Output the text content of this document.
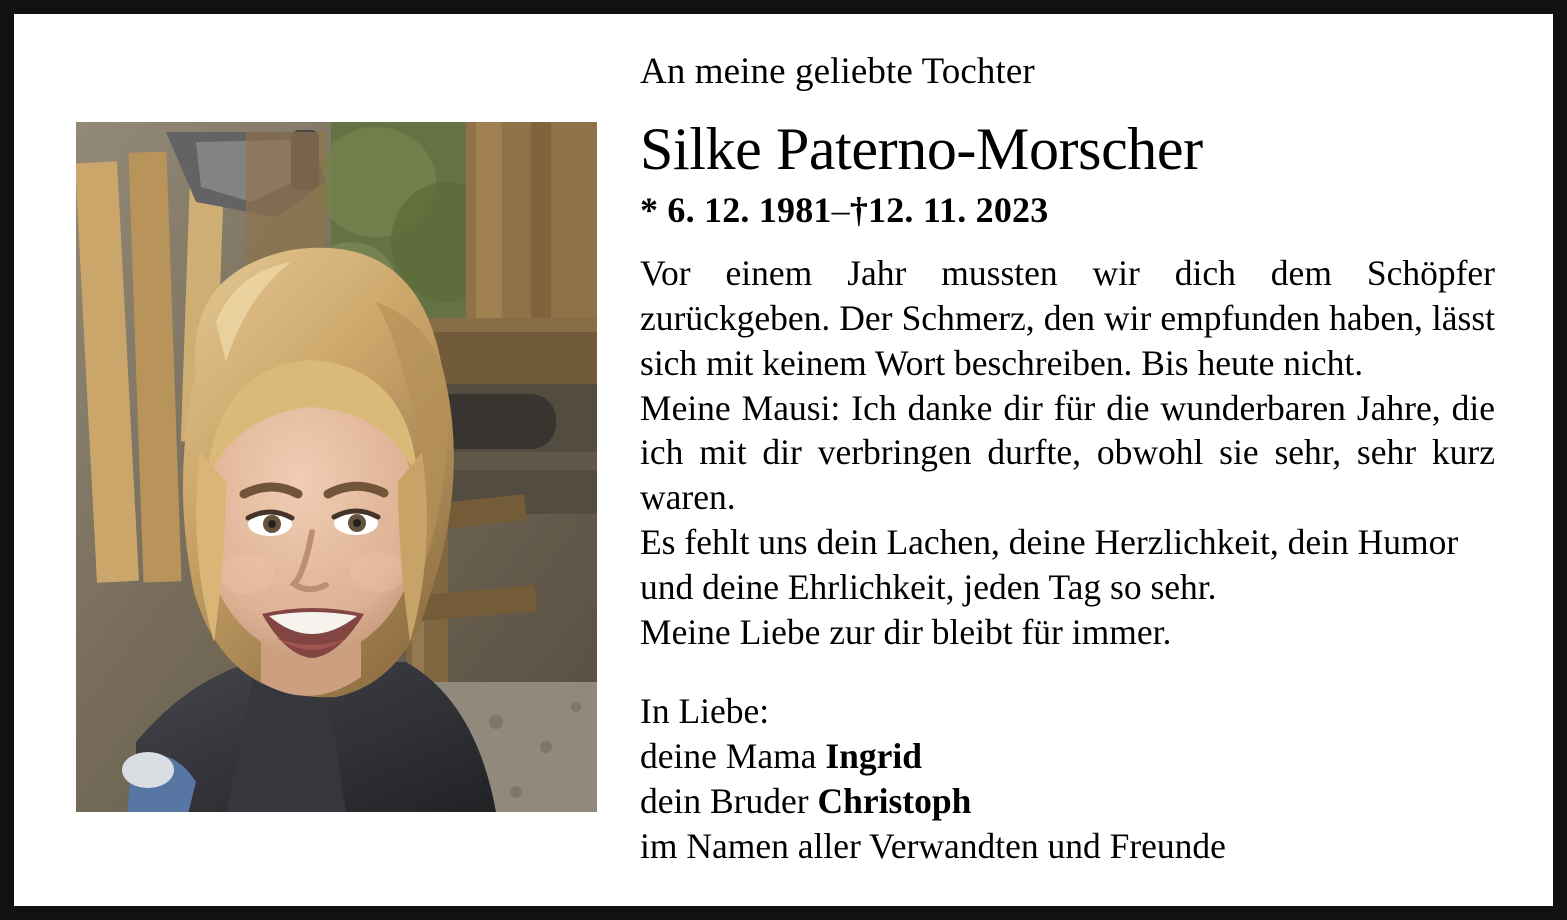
An meine geliebte Tochter
Silke Paterno-Morscher
* 6. 12. 1981–†12. 11. 2023

Vor einem Jahr mussten wir dich dem Schöpfer zurückgeben. Der Schmerz, den wir empfunden haben, lässt sich mit keinem Wort beschreiben. Bis heute nicht.

Meine Mausi: Ich danke dir für die wunderbaren Jahre, die ich mit dir verbringen durfte, obwohl sie sehr, sehr kurz waren.

Es fehlt uns dein Lachen, deine Herzlichkeit, dein Humor und deine Ehrlichkeit, jeden Tag so sehr.

Meine Liebe zur dir bleibt für immer.

In Liebe:

deine Mama Ingrid

dein Bruder Christoph

im Namen aller Verwandten und Freunde
